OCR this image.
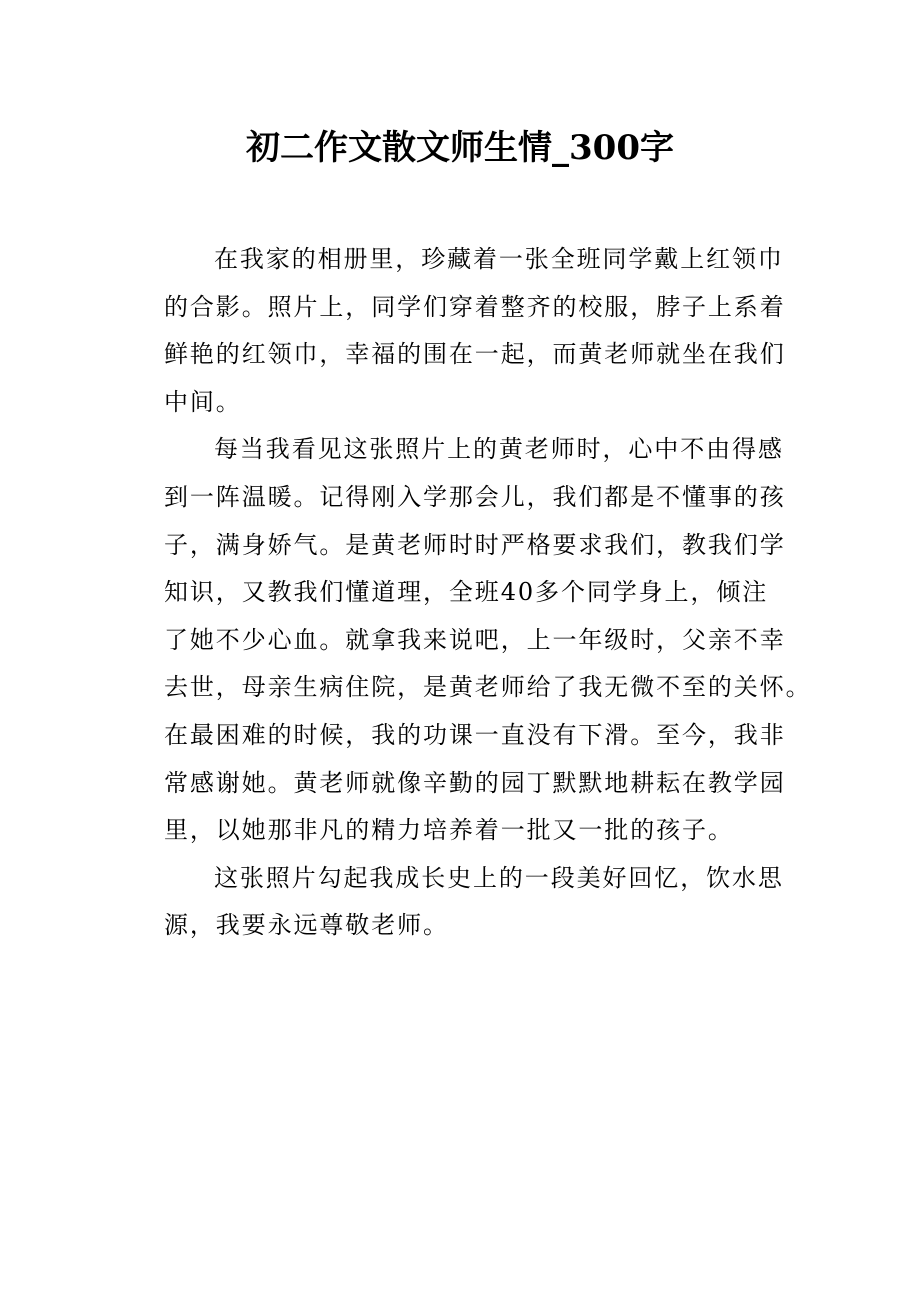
初二作文散文师生情_300字
在我家的相册里，珍藏着一张全班同学戴上红领巾
的合影。照片上，同学们穿着整齐的校服，脖子上系着
鲜艳的红领巾，幸福的围在一起，而黄老师就坐在我们
中间。
每当我看见这张照片上的黄老师时，心中不由得感
到一阵温暖。记得刚入学那会儿，我们都是不懂事的孩
子，满身娇气。是黄老师时时严格要求我们，教我们学
知识，又教我们懂道理，全班40多个同学身上，倾注
了她不少心血。就拿我来说吧，上一年级时，父亲不幸
去世，母亲生病住院，是黄老师给了我无微不至的关怀。
在最困难的时候，我的功课一直没有下滑。至今，我非
常感谢她。黄老师就像辛勤的园丁默默地耕耘在教学园
里，以她那非凡的精力培养着一批又一批的孩子。
这张照片勾起我成长史上的一段美好回忆，饮水思
源，我要永远尊敬老师。
